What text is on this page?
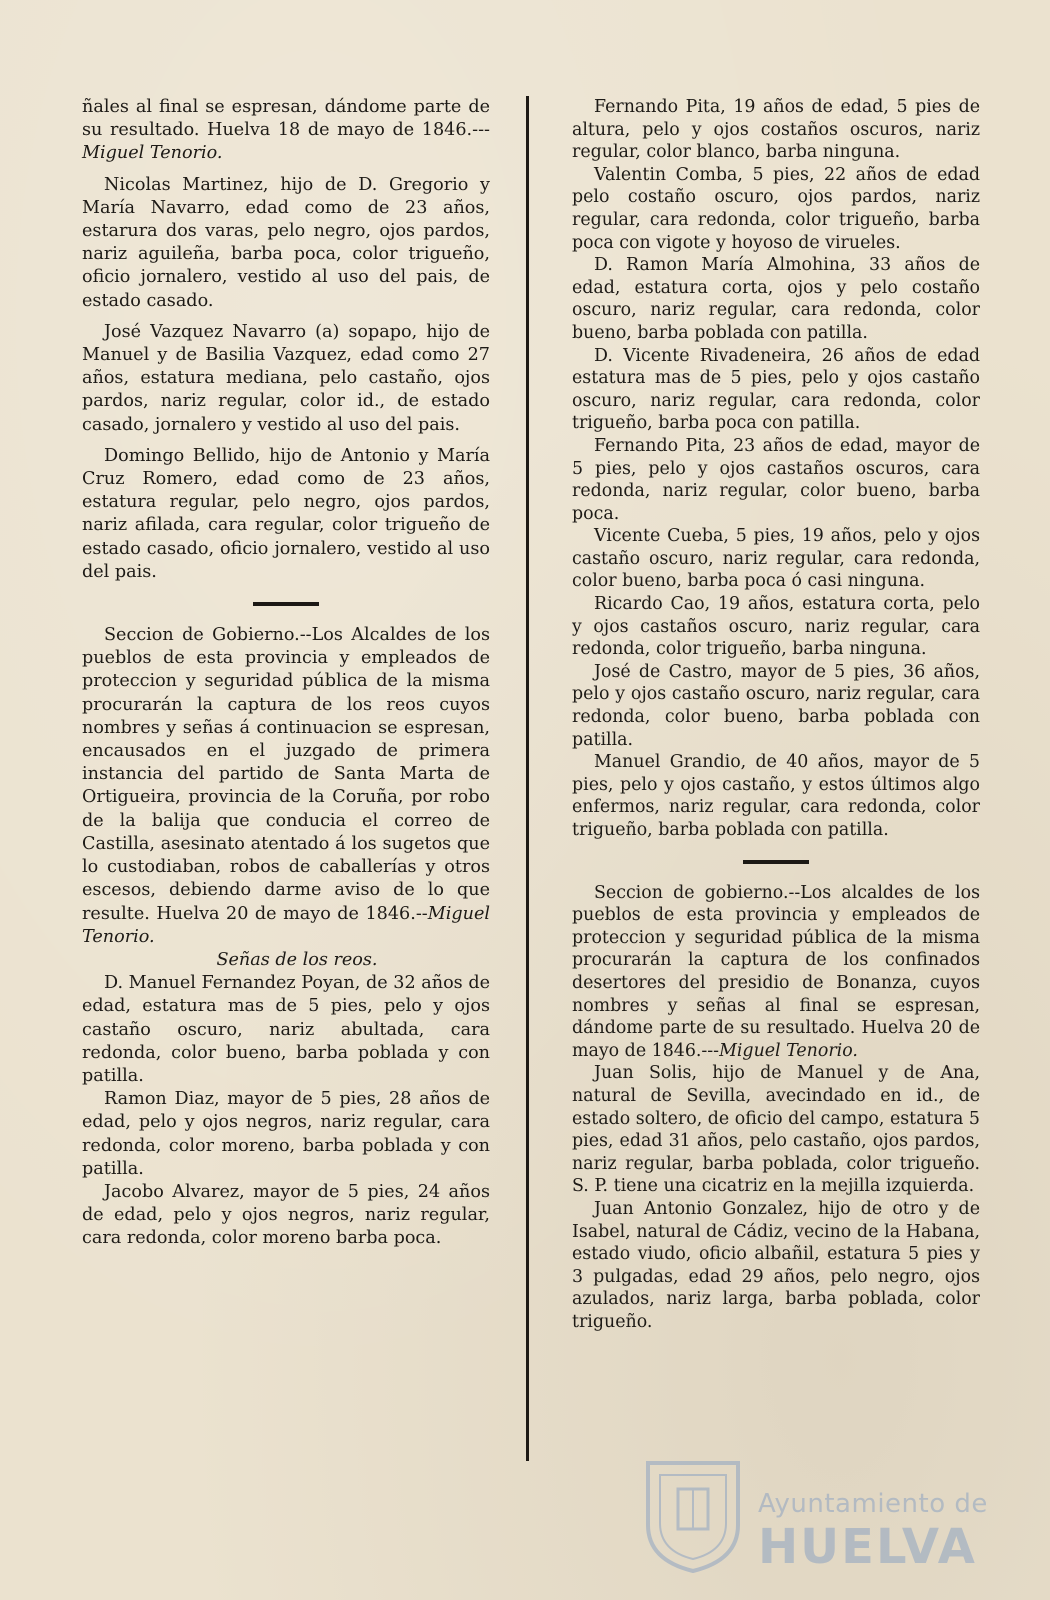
ñales al final se espresan, dándome parte de su resultado. Huelva 18 de mayo de 1846.---Miguel Tenorio.

Nicolas Martinez, hijo de D. Gregorio y María Navarro, edad como de 23 años, estarura dos varas, pelo negro, ojos pardos, nariz aguileña, barba poca, color trigueño, oficio jornalero, vestido al uso del pais, de estado casado.

José Vazquez Navarro (a) sopapo, hijo de Manuel y de Basilia Vazquez, edad como 27 años, estatura mediana, pelo castaño, ojos pardos, nariz regular, color id., de estado casado, jornalero y vestido al uso del pais.

Domingo Bellido, hijo de Antonio y María Cruz Romero, edad como de 23 años, estatura regular, pelo negro, ojos pardos, nariz afilada, cara regular, color trigueño de estado casado, oficio jornalero, vestido al uso del pais.

Seccion de Gobierno.--Los Alcaldes de los pueblos de esta provincia y empleados de proteccion y seguridad pública de la misma procurarán la captura de los reos cuyos nombres y señas á continuacion se espresan, encausados en el juzgado de primera instancia del partido de Santa Marta de Ortigueira, provincia de la Coruña, por robo de la balija que conducia el correo de Castilla, asesinato atentado á los sugetos que lo custodiaban, robos de caballerías y otros escesos, debiendo darme aviso de lo que resulte. Huelva 20 de mayo de 1846.--Miguel Tenorio.

Señas de los reos.

D. Manuel Fernandez Poyan, de 32 años de edad, estatura mas de 5 pies, pelo y ojos castaño oscuro, nariz abultada, cara redonda, color bueno, barba poblada y con patilla.

Ramon Diaz, mayor de 5 pies, 28 años de edad, pelo y ojos negros, nariz regular, cara redonda, color moreno, barba poblada y con patilla.

Jacobo Alvarez, mayor de 5 pies, 24 años de edad, pelo y ojos negros, nariz regular, cara redonda, color moreno barba poca.

Fernando Pita, 19 años de edad, 5 pies de altura, pelo y ojos costaños oscuros, nariz regular, color blanco, barba ninguna.

Valentin Comba, 5 pies, 22 años de edad pelo costaño oscuro, ojos pardos, nariz regular, cara redonda, color trigueño, barba poca con vigote y hoyoso de virueles.

D. Ramon María Almohina, 33 años de edad, estatura corta, ojos y pelo costaño oscuro, nariz regular, cara redonda, color bueno, barba poblada con patilla.

D. Vicente Rivadeneira, 26 años de edad estatura mas de 5 pies, pelo y ojos castaño oscuro, nariz regular, cara redonda, color trigueño, barba poca con patilla.

Fernando Pita, 23 años de edad, mayor de 5 pies, pelo y ojos castaños oscuros, cara redonda, nariz regular, color bueno, barba poca.

Vicente Cueba, 5 pies, 19 años, pelo y ojos castaño oscuro, nariz regular, cara redonda, color bueno, barba poca ó casi ninguna.

Ricardo Cao, 19 años, estatura corta, pelo y ojos castaños oscuro, nariz regular, cara redonda, color trigueño, barba ninguna.

José de Castro, mayor de 5 pies, 36 años, pelo y ojos castaño oscuro, nariz regular, cara redonda, color bueno, barba poblada con patilla.

Manuel Grandio, de 40 años, mayor de 5 pies, pelo y ojos castaño, y estos últimos algo enfermos, nariz regular, cara redonda, color trigueño, barba poblada con patilla.

Seccion de gobierno.--Los alcaldes de los pueblos de esta provincia y empleados de proteccion y seguridad pública de la misma procurarán la captura de los confinados desertores del presidio de Bonanza, cuyos nombres y señas al final se espresan, dándome parte de su resultado. Huelva 20 de mayo de 1846.---Miguel Tenorio.

Juan Solis, hijo de Manuel y de Ana, natural de Sevilla, avecindado en id., de estado soltero, de oficio del campo, estatura 5 pies, edad 31 años, pelo castaño, ojos pardos, nariz regular, barba poblada, color trigueño. S. P. tiene una cicatriz en la mejilla izquierda.

Juan Antonio Gonzalez, hijo de otro y de Isabel, natural de Cádiz, vecino de la Habana, estado viudo, oficio albañil, estatura 5 pies y 3 pulgadas, edad 29 años, pelo negro, ojos azulados, nariz larga, barba poblada, color trigueño.

Ayuntamiento de
HUELVA
